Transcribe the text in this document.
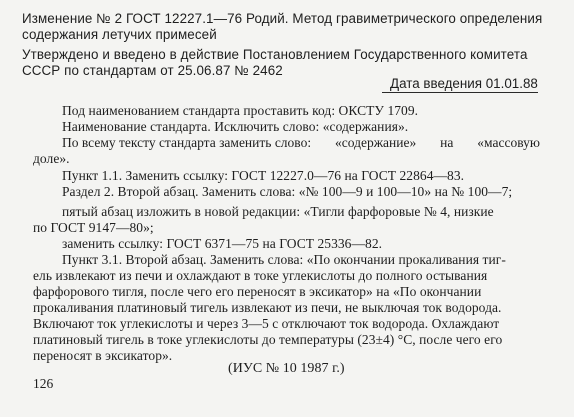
Изменение № 2 ГОСТ 12227.1—76 Родий. Метод гравиметрического определения
содержания летучих примесей
Утверждено и введено в действие Постановлением Государственного комитета
СССР по стандартам от 25.06.87 № 2462
Дата введения 01.01.88
Под наименованием стандарта проставить код: ОКСТУ 1709.
Наименование стандарта. Исключить слово: «содержания».
По всему тексту стандарта заменить слово: «содержание» на «массовую
доле».
Пункт 1.1. Заменить ссылку: ГОСТ 12227.0—76 на ГОСТ 22864—83.
Раздел 2. Второй абзац. Заменить слова: «№ 100—9 и 100—10» на № 100—7;
пятый абзац изложить в новой редакции: «Тигли фарфоровые № 4, низкие
по ГОСТ 9147—80»;
заменить ссылку: ГОСТ 6371—75 на ГОСТ 25336—82.
Пункт 3.1. Второй абзац. Заменить слова: «По окончании прокаливания тиг-
ель извлекают из печи и охлаждают в токе углекислоты до полного остывания
фарфорового тигля, после чего его переносят в эксикатор» на «По окончании
прокаливания платиновый тигель извлекают из печи, не выключая ток водорода.
Включают ток углекислоты и через 3—5 с отключают ток водорода. Охлаждают
платиновый тигель в токе углекислоты до температуры (23±4) °С, после чего его
переносят в эксикатор».
(ИУС № 10 1987 г.)
126
